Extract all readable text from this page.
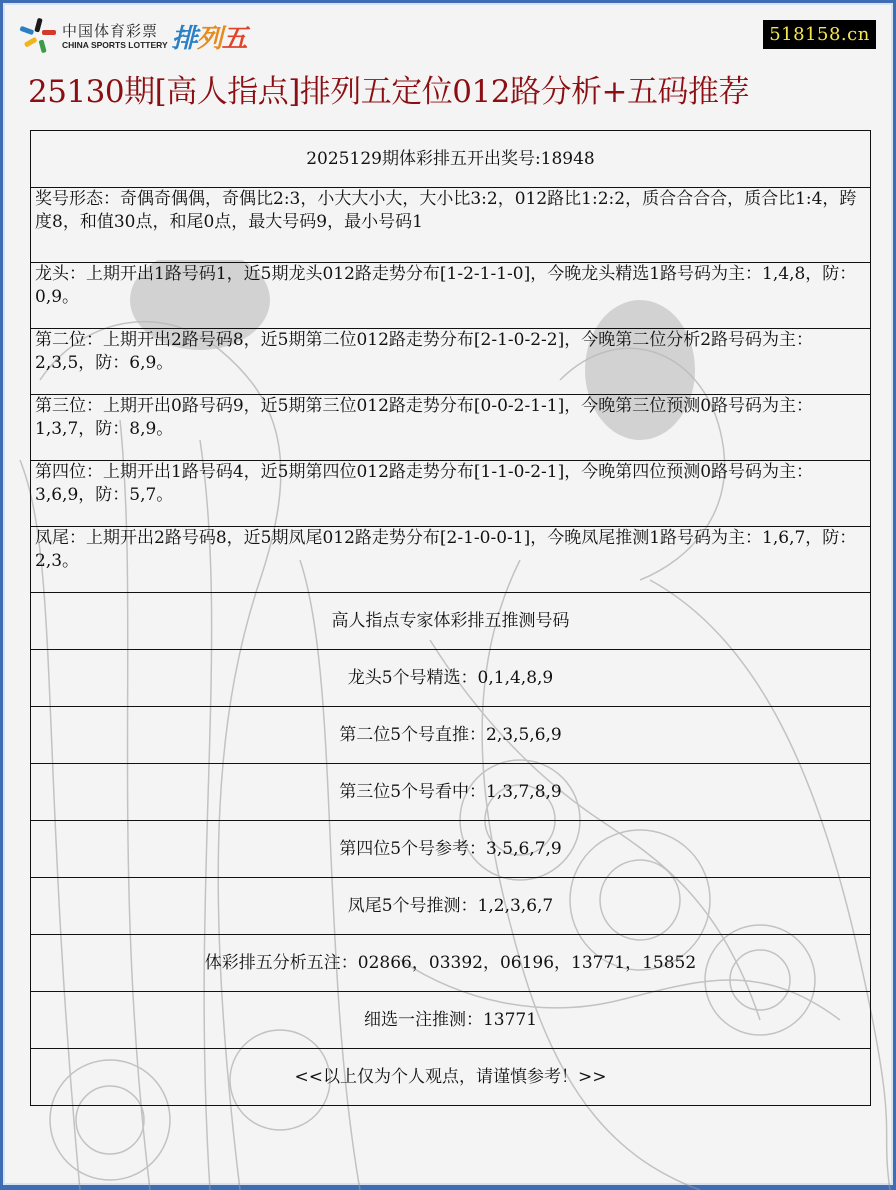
中国体育彩票
CHINA SPORTS LOTTERY 排列五	518158.cn
25130期[高人指点]排列五定位012路分析+五码推荐
2025129期体彩排五开出奖号:18948
奖号形态：奇偶奇偶偶，奇偶比2:3，小大大小大，大小比3:2，012路比1:2:2，质合合合合，质合比1:4，跨度8，和值30点，和尾0点，最大号码9，最小号码1
龙头：上期开出1路号码1，近5期龙头012路走势分布[1-2-1-1-0]，今晚龙头精选1路号码为主：1,4,8，防：0,9。
第二位：上期开出2路号码8，近5期第二位012路走势分布[2-1-0-2-2]，今晚第二位分析2路号码为主：2,3,5，防：6,9。
第三位：上期开出0路号码9，近5期第三位012路走势分布[0-0-2-1-1]，今晚第三位预测0路号码为主：1,3,7，防：8,9。
第四位：上期开出1路号码4，近5期第四位012路走势分布[1-1-0-2-1]，今晚第四位预测0路号码为主：3,6,9，防：5,7。
凤尾：上期开出2路号码8，近5期凤尾012路走势分布[2-1-0-0-1]，今晚凤尾推测1路号码为主：1,6,7，防：2,3。
高人指点专家体彩排五推测号码
龙头5个号精选：0,1,4,8,9
第二位5个号直推：2,3,5,6,9
第三位5个号看中：1,3,7,8,9
第四位5个号参考：3,5,6,7,9
凤尾5个号推测：1,2,3,6,7
体彩排五分析五注：02866，03392，06196，13771，15852
细选一注推测：13771
<<以上仅为个人观点，请谨慎参考！>>
